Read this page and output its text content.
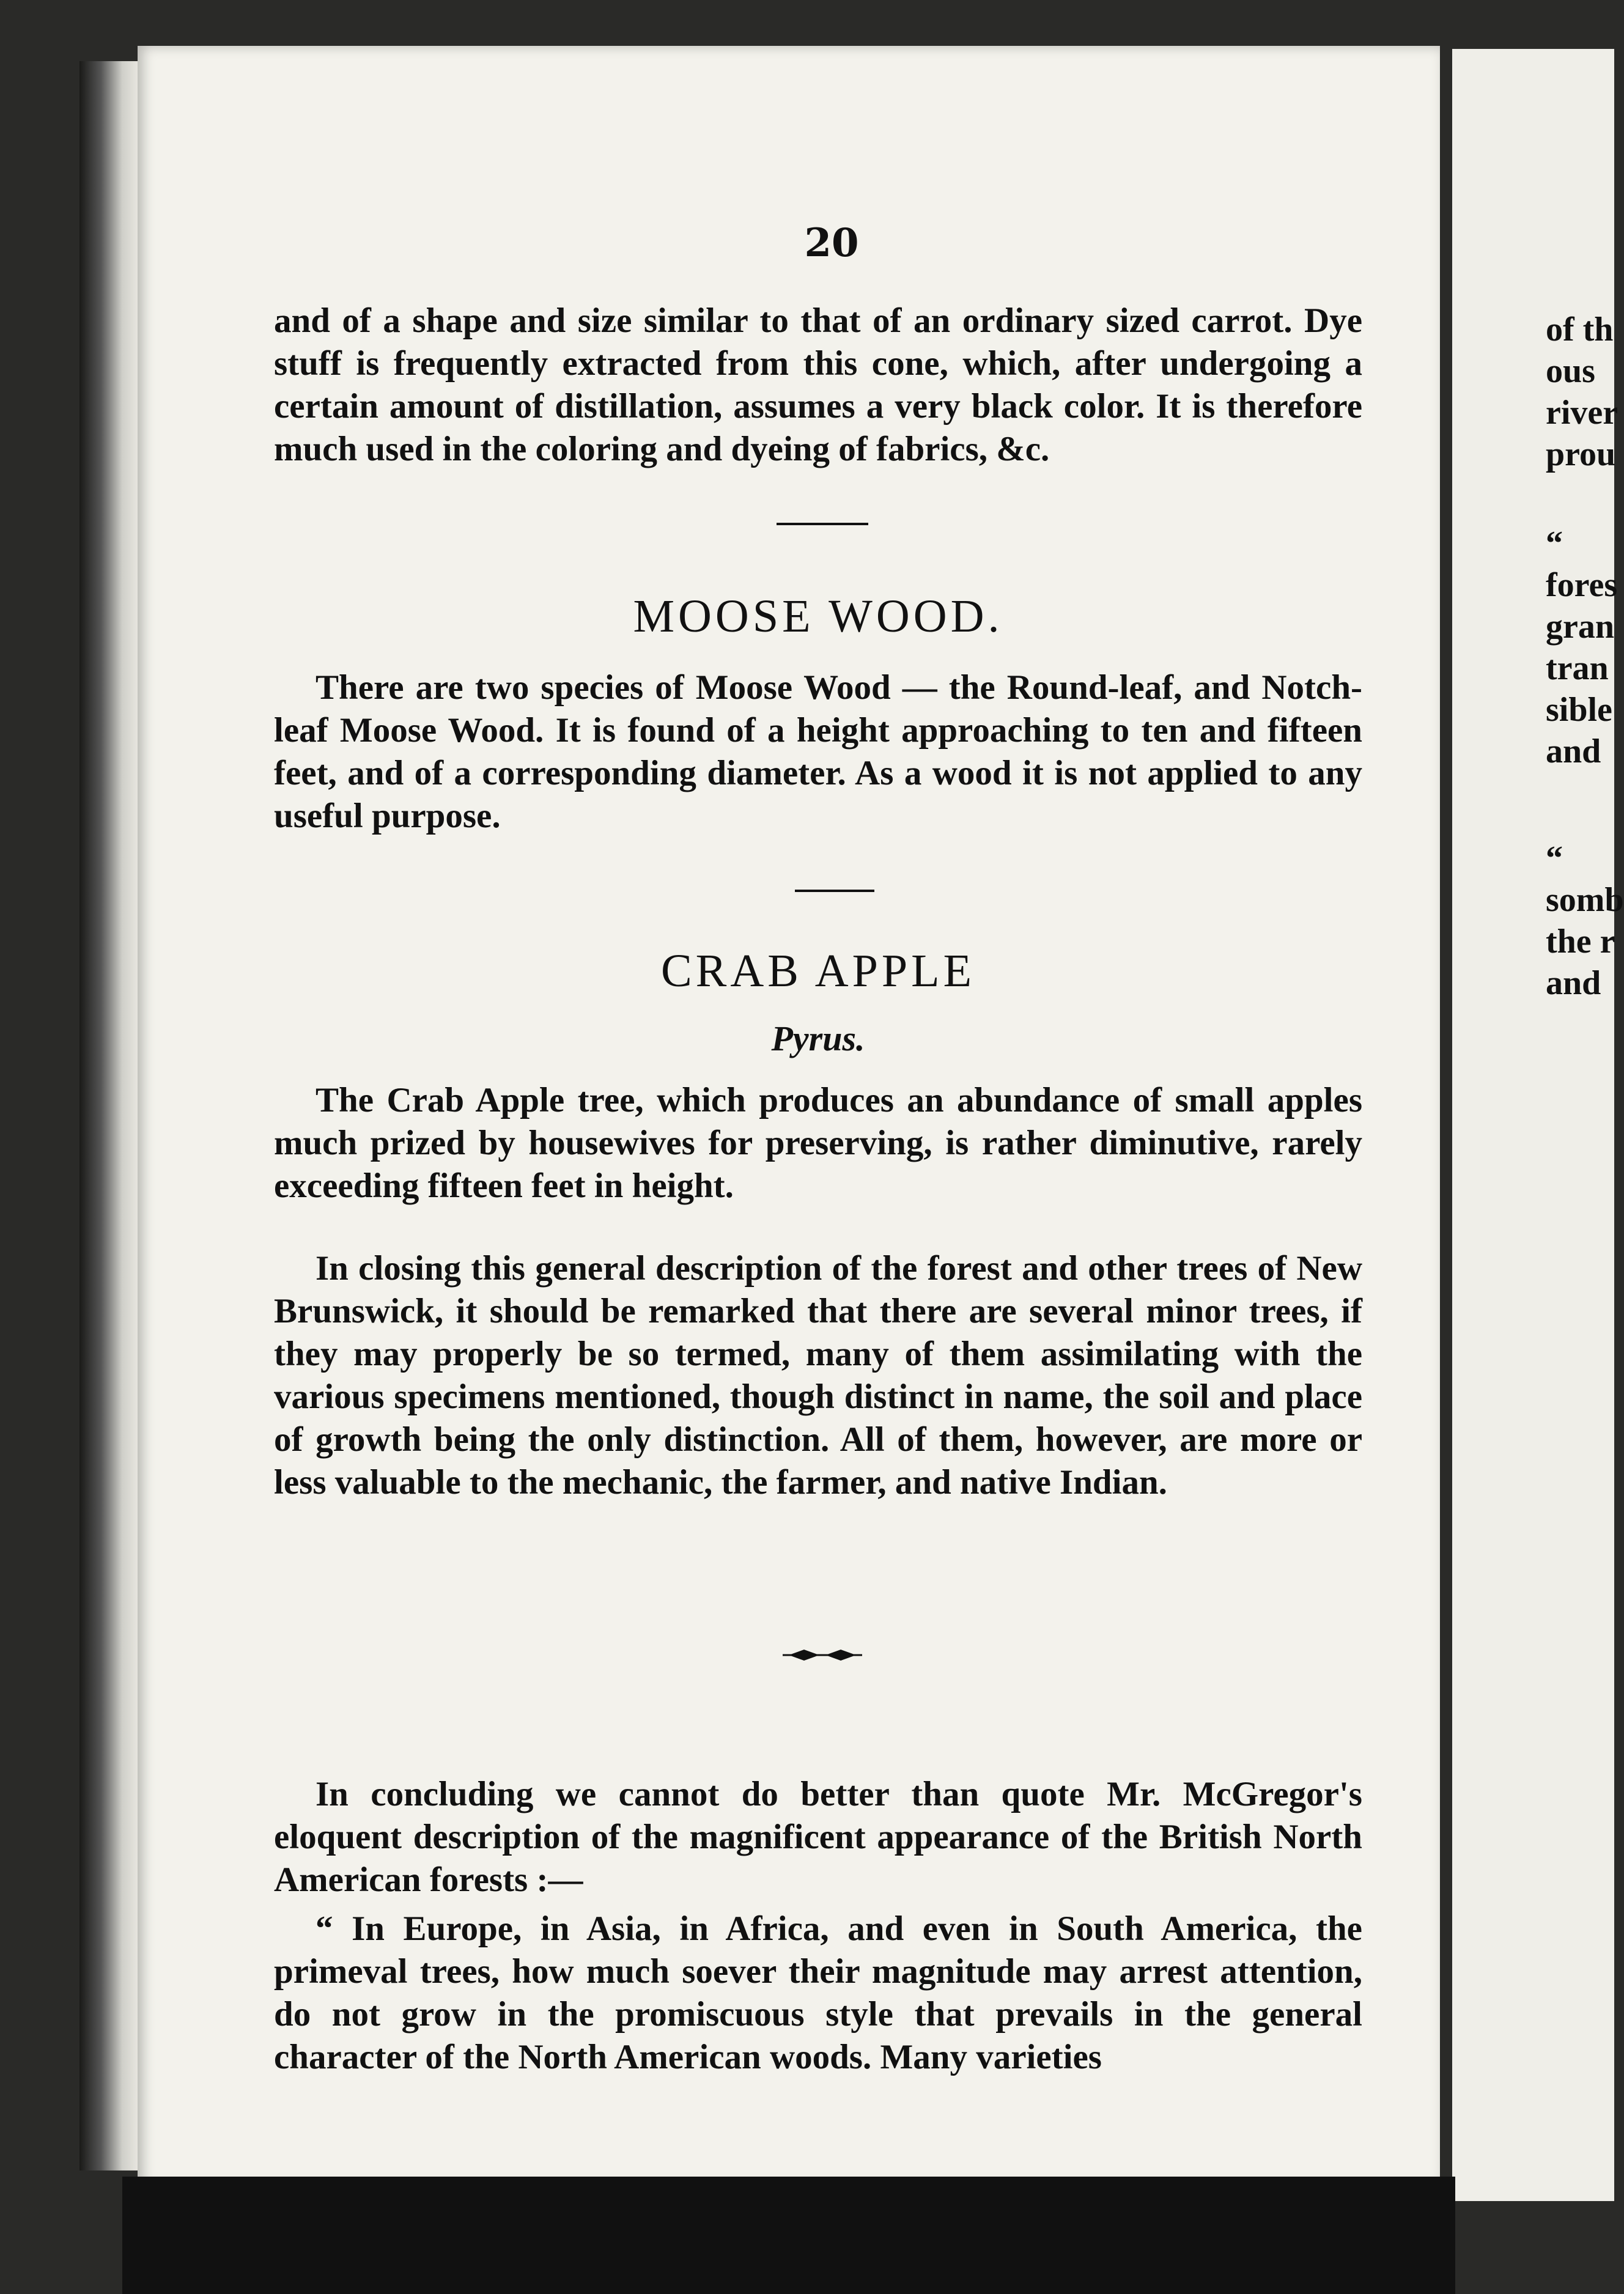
20

and of a shape and size similar to that of an ordinary sized carrot. Dye stuff is frequently extracted from this cone, which, after undergoing a certain amount of distillation, assumes a very black color. It is therefore much used in the coloring and dyeing of fabrics, &c.

MOOSE WOOD.

There are two species of Moose Wood — the Round-leaf, and Notch-leaf Moose Wood. It is found of a height approaching to ten and fifteen feet, and of a corresponding diameter. As a wood it is not applied to any useful purpose.

CRAB APPLE
Pyrus.

The Crab Apple tree, which produces an abundance of small apples much prized by housewives for preserving, is rather diminutive, rarely exceeding fifteen feet in height.

In closing this general description of the forest and other trees of New Brunswick, it should be remarked that there are several minor trees, if they may properly be so termed, many of them assimilating with the various specimens mentioned, though distinct in name, the soil and place of growth being the only distinction. All of them, however, are more or less valuable to the mechanic, the farmer, and native Indian.

In concluding we cannot do better than quote Mr. McGregor's eloquent description of the magnificent appearance of the British North American forests :—

“ In Europe, in Asia, in Africa, and even in South America, the primeval trees, how much soever their magnitude may arrest attention, do not grow in the promiscuous style that prevails in the general character of the North American woods. Many varieties

of th

ous

river

prou

“

fores

gran

tran

sible

and

“

somb

the r

and
